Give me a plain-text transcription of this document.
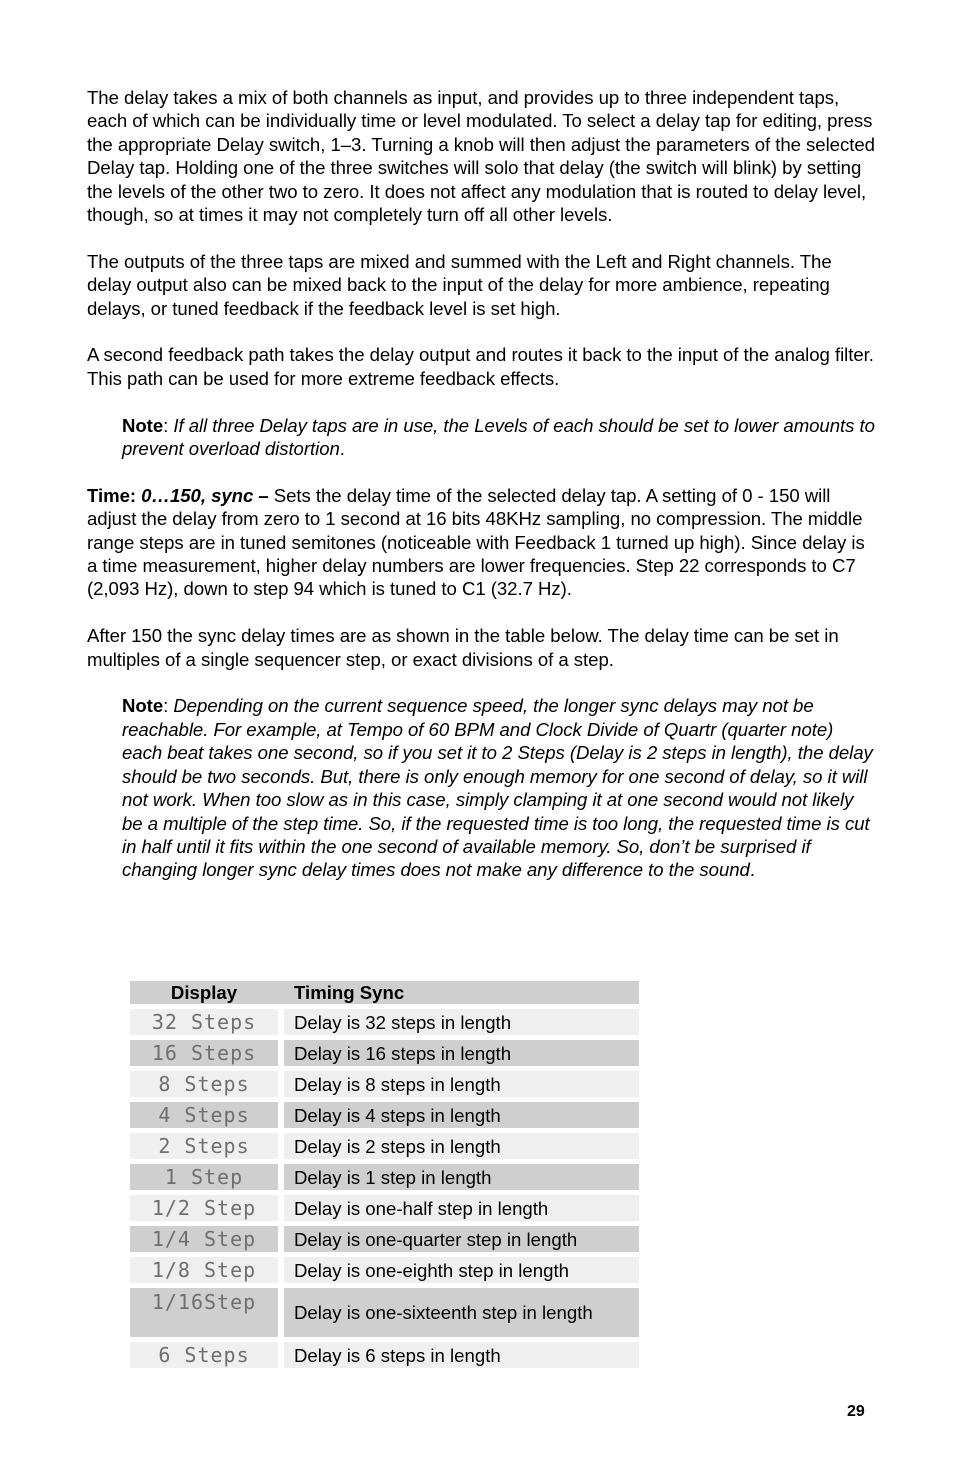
The delay takes a mix of both channels as input, and provides up to three independent taps, each of which can be individually time or level modulated. To select a delay tap for editing, press the appropriate Delay switch, 1–3. Turning a knob will then adjust the parameters of the selected Delay tap. Holding one of the three switches will solo that delay (the switch will blink) by setting the levels of the other two to zero. It does not affect any modulation that is routed to delay level, though, so at times it may not completely turn off all other levels.

The outputs of the three taps are mixed and summed with the Left and Right channels. The delay output also can be mixed back to the input of the delay for more ambience, repeating delays, or tuned feedback if the feedback level is set high.

A second feedback path takes the delay output and routes it back to the input of the analog filter. This path can be used for more extreme feedback effects.

Note: If all three Delay taps are in use, the Levels of each should be set to lower amounts to prevent overload distortion.

Time: 0…150, sync – Sets the delay time of the selected delay tap. A setting of 0 - 150 will adjust the delay from zero to 1 second at 16 bits 48KHz sampling, no compression. The middle range steps are in tuned semitones (noticeable with Feedback 1 turned up high). Since delay is a time measurement, higher delay numbers are lower frequencies. Step 22 corresponds to C7 (2,093 Hz), down to step 94 which is tuned to C1 (32.7 Hz).

After 150 the sync delay times are as shown in the table below. The delay time can be set in multiples of a single sequencer step, or exact divisions of a step.

Note: Depending on the current sequence speed, the longer sync delays may not be reachable. For example, at Tempo of 60 BPM and Clock Divide of Quartr (quarter note) each beat takes one second, so if you set it to 2 Steps (Delay is 2 steps in length), the delay should be two seconds. But, there is only enough memory for one second of delay, so it will not work. When too slow as in this case, simply clamping it at one second would not likely be a multiple of the step time. So, if the requested time is too long, the requested time is cut in half until it fits within the one second of available memory. So, don’t be surprised if changing longer sync delay times does not make any difference to the sound.

Display		Timing Sync
32 Steps		Delay is 32 steps in length
16 Steps		Delay is 16 steps in length
8 Steps		Delay is 8 steps in length
4 Steps		Delay is 4 steps in length
2 Steps		Delay is 2 steps in length
1 Step		Delay is 1 step in length
1/2 Step		Delay is one-half step in length
1/4 Step		Delay is one-quarter step in length
1/8 Step		Delay is one-eighth step in length
1/16Step		Delay is one-sixteenth step in length
6 Steps		Delay is 6 steps in length
29
